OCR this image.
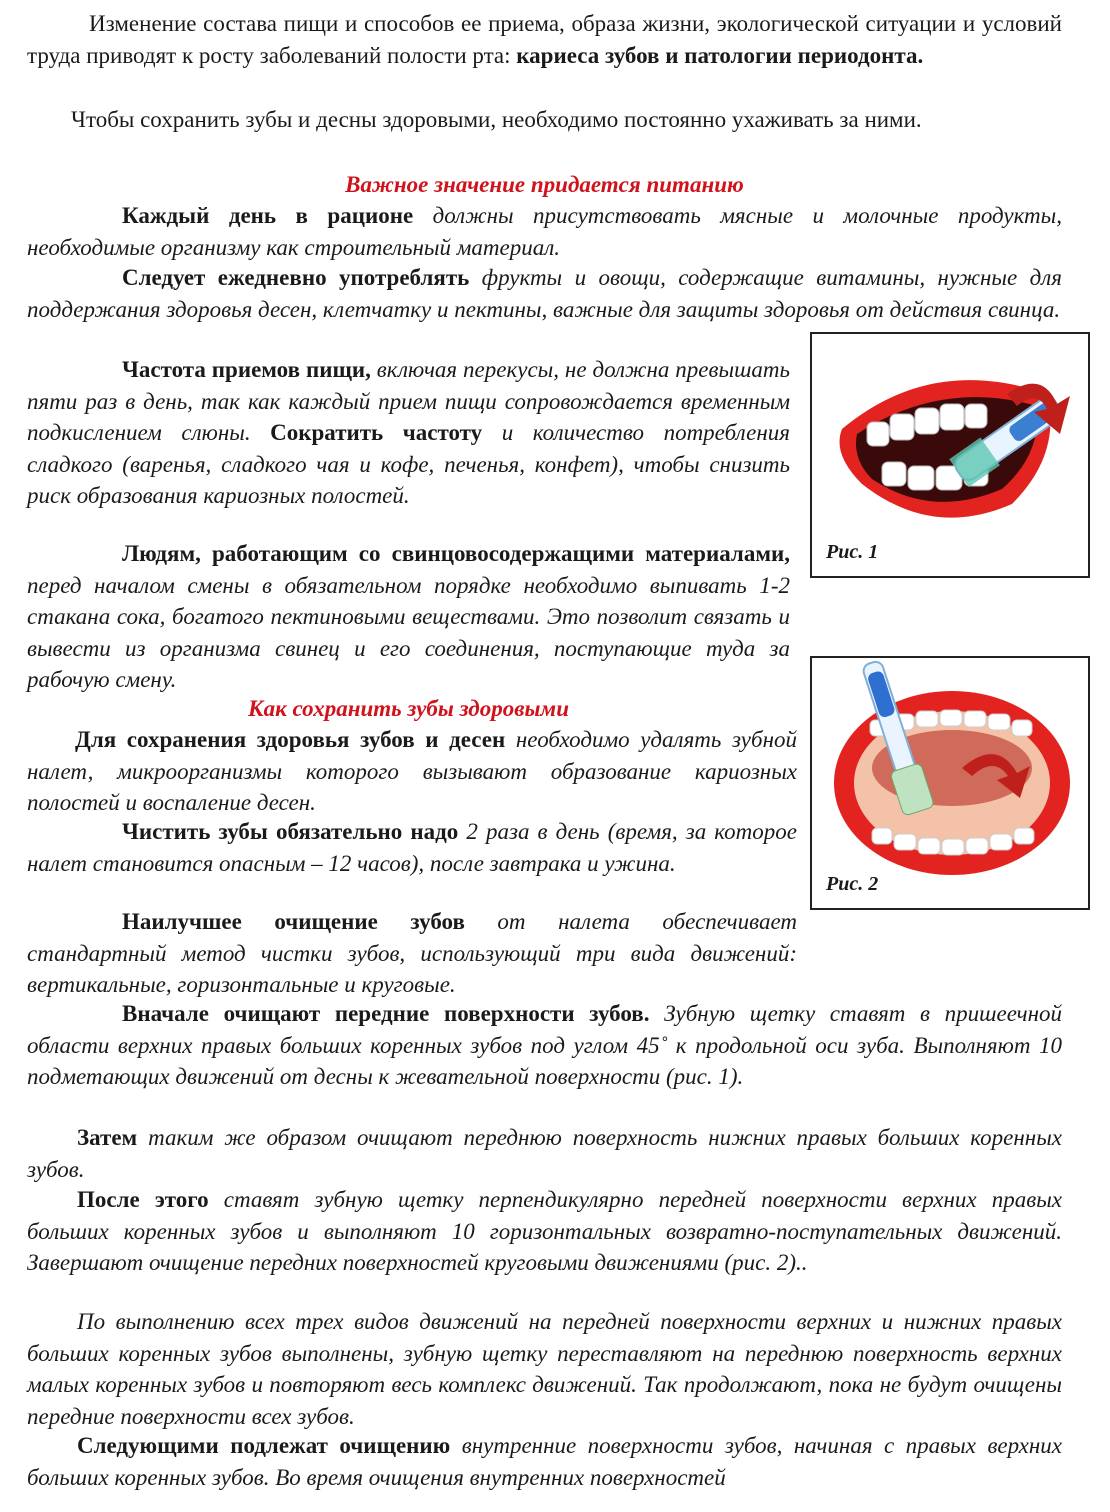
Изменение состава пищи и способов ее приема, образа жизни, экологической ситуации и условий труда приводят к росту заболеваний полости рта: кариеса зубов и патологии периодонта.

Чтобы сохранить зубы и десны здоровыми, необходимо постоянно ухаживать за ними.

Важное значение придается питанию

Каждый день в рационе должны присутствовать мясные и молочные продукты, необходимые организму как строительный материал.

Следует ежедневно употреблять фрукты и овощи, содержащие витамины, нужные для поддержания здоровья десен, клетчатку и пектины, важные для защиты здоровья от действия свинца.

Частота приемов пищи, включая перекусы, не должна превышать пяти раз в день, так как каждый прием пищи сопровождается временным подкислением слюны. Сократить частоту и количество потребления сладкого (варенья, сладкого чая и кофе, печенья, конфет), чтобы снизить риск образования кариозных полостей.

Людям, работающим со свинцовосодержащими материалами, перед началом смены в обязательном порядке необходимо выпивать 1-2 стакана сока, богатого пектиновыми веществами. Это позволит связать и вывести из организма свинец и его соединения, поступающие туда за рабочую смену.

Как сохранить зубы здоровыми

Для сохранения здоровья зубов и десен необходимо удалять зубной налет, микроорганизмы которого вызывают образование кариозных полостей и воспаление десен.

Чистить зубы обязательно надо 2 раза в день (время, за которое налет становится опасным – 12 часов), после завтрака и ужина.

Наилучшее очищение зубов от налета обеспечивает стандартный метод чистки зубов, использующий три вида движений: вертикальные, горизонтальные и круговые.

Вначале очищают передние поверхности зубов. Зубную щетку ставят в пришеечной области верхних правых больших коренных зубов под углом 45˚ к продольной оси зуба. Выполняют 10 подметающих движений от десны к жевательной поверхности (рис. 1).

Затем таким же образом очищают переднюю поверхность нижних правых больших коренных зубов.

После этого ставят зубную щетку перпендикулярно передней поверхности верхних правых больших коренных зубов и выполняют 10 горизонтальных возвратно-поступательных движений. Завершают очищение передних поверхностей круговыми движениями (рис. 2)..

По выполнению всех трех видов движений на передней поверхности верхних и нижних правых больших коренных зубов выполнены, зубную щетку переставляют на переднюю поверхность верхних малых коренных зубов и повторяют весь комплекс движений. Так продолжают, пока не будут очищены передние поверхности всех зубов.

Следующими подлежат очищению внутренние поверхности зубов, начиная с правых верхних больших коренных зубов. Во время очищения внутренних поверхностей

Рис. 1
Рис. 2
